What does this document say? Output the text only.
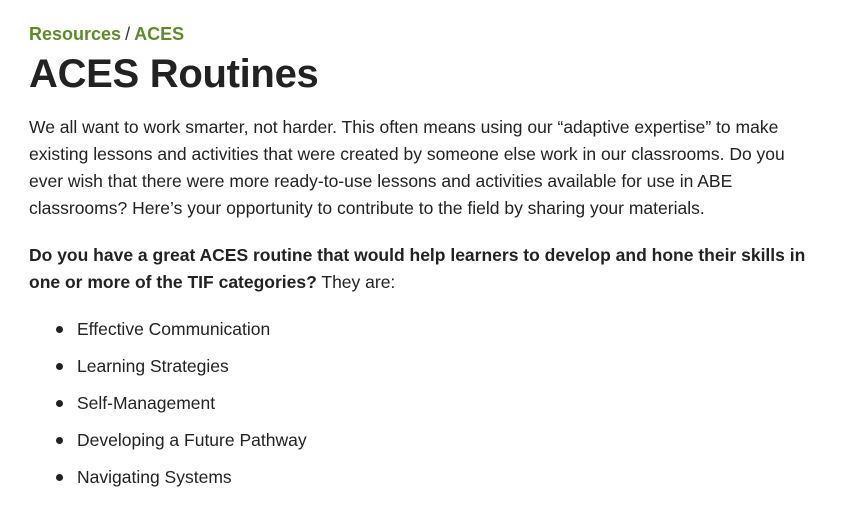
Resources / ACES
ACES Routines

We all want to work smarter, not harder. This often means using our “adaptive expertise” to make existing lessons and activities that were created by someone else work in our classrooms. Do you ever wish that there were more ready-to-use lessons and activities available for use in ABE classrooms? Here’s your opportunity to contribute to the field by sharing your materials.

Do you have a great ACES routine that would help learners to develop and hone their skills in one or more of the TIF categories? They are:

Effective Communication
Learning Strategies
Self-Management
Developing a Future Pathway
Navigating Systems
